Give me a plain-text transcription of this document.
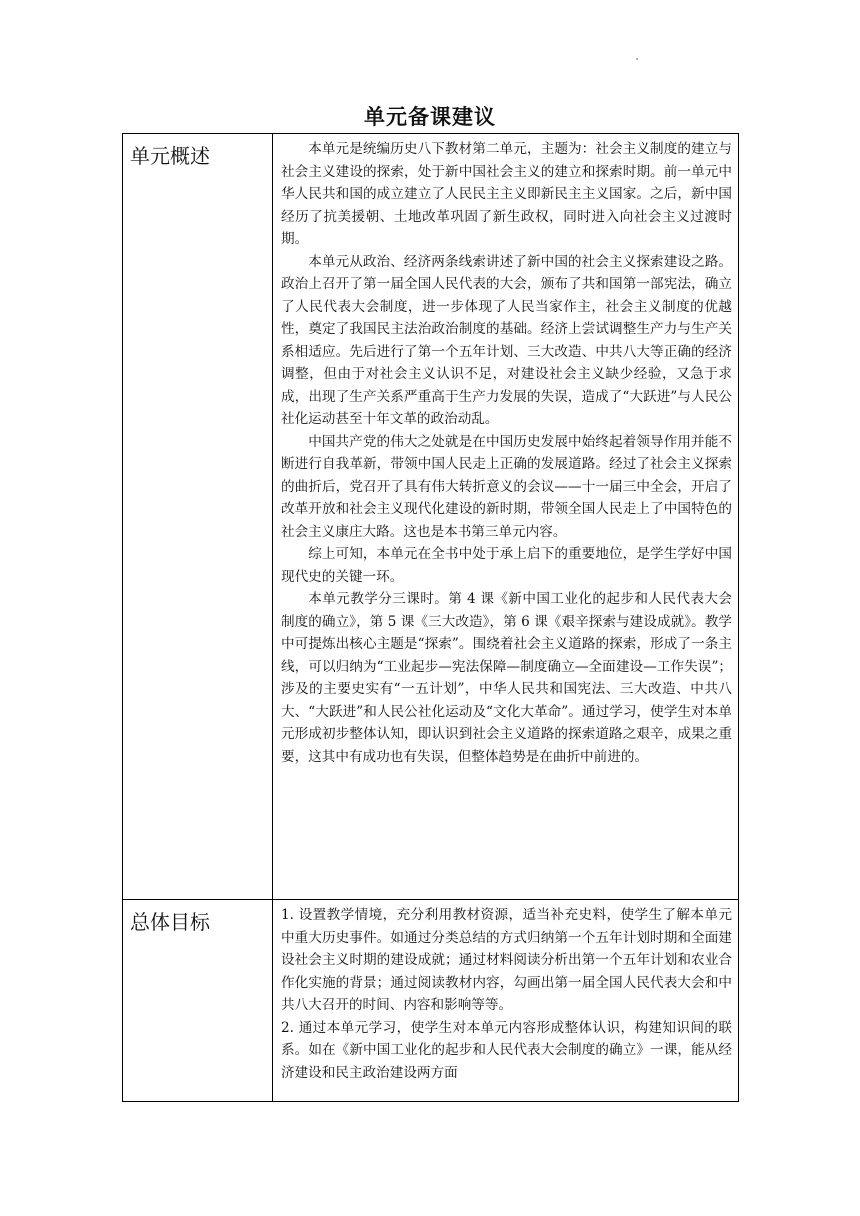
单元备课建议
单元概述	本单元是统编历史八下教材第二单元，主题为：社会主义制度的建立与社会主义建设的探索，处于新中国社会主义的建立和探索时期。前一单元中华人民共和国的成立建立了人民民主主义即新民主主义国家。之后，新中国经历了抗美援朝、土地改革巩固了新生政权，同时进入向社会主义过渡时期。

本单元从政治、经济两条线索讲述了新中国的社会主义探索建设之路。政治上召开了第一届全国人民代表的大会，颁布了共和国第一部宪法，确立了人民代表大会制度，进一步体现了人民当家作主，社会主义制度的优越性，奠定了我国民主法治政治制度的基础。经济上尝试调整生产力与生产关系相适应。先后进行了第一个五年计划、三大改造、中共八大等正确的经济调整，但由于对社会主义认识不足，对建设社会主义缺少经验，又急于求成，出现了生产关系严重高于生产力发展的失误，造成了“大跃进”与人民公社化运动甚至十年文革的政治动乱。

中国共产党的伟大之处就是在中国历史发展中始终起着领导作用并能不断进行自我革新，带领中国人民走上正确的发展道路。经过了社会主义探索的曲折后，党召开了具有伟大转折意义的会议——十一届三中全会，开启了改革开放和社会主义现代化建设的新时期，带领全国人民走上了中国特色的社会主义康庄大路。这也是本书第三单元内容。

综上可知，本单元在全书中处于承上启下的重要地位，是学生学好中国现代史的关键一环。

本单元教学分三课时。第 4 课《新中国工业化的起步和人民代表大会制度的确立》，第 5 课《三大改造》，第 6 课《艰辛探索与建设成就》。教学中可提炼出核心主题是“探索”。围绕着社会主义道路的探索，形成了一条主线，可以归纳为“工业起步—宪法保障—制度确立—全面建设—工作失误”；涉及的主要史实有“一五计划”，中华人民共和国宪法、三大改造、中共八大、“大跃进”和人民公社化运动及“文化大革命”。通过学习，使学生对本单元形成初步整体认知，即认识到社会主义道路的探索道路之艰辛，成果之重要，这其中有成功也有失误，但整体趋势是在曲折中前进的。

总体目标	1. 设置教学情境，充分利用教材资源，适当补充史料，使学生了解本单元中重大历史事件。如通过分类总结的方式归纳第一个五年计划时期和全面建设社会主义时期的建设成就；通过材料阅读分析出第一个五年计划和农业合作化实施的背景；通过阅读教材内容，勾画出第一届全国人民代表大会和中共八大召开的时间、内容和影响等等。

2. 通过本单元学习，使学生对本单元内容形成整体认识，构建知识间的联系。如在《新中国工业化的起步和人民代表大会制度的确立》一课，能从经济建设和民主政治建设两方面
